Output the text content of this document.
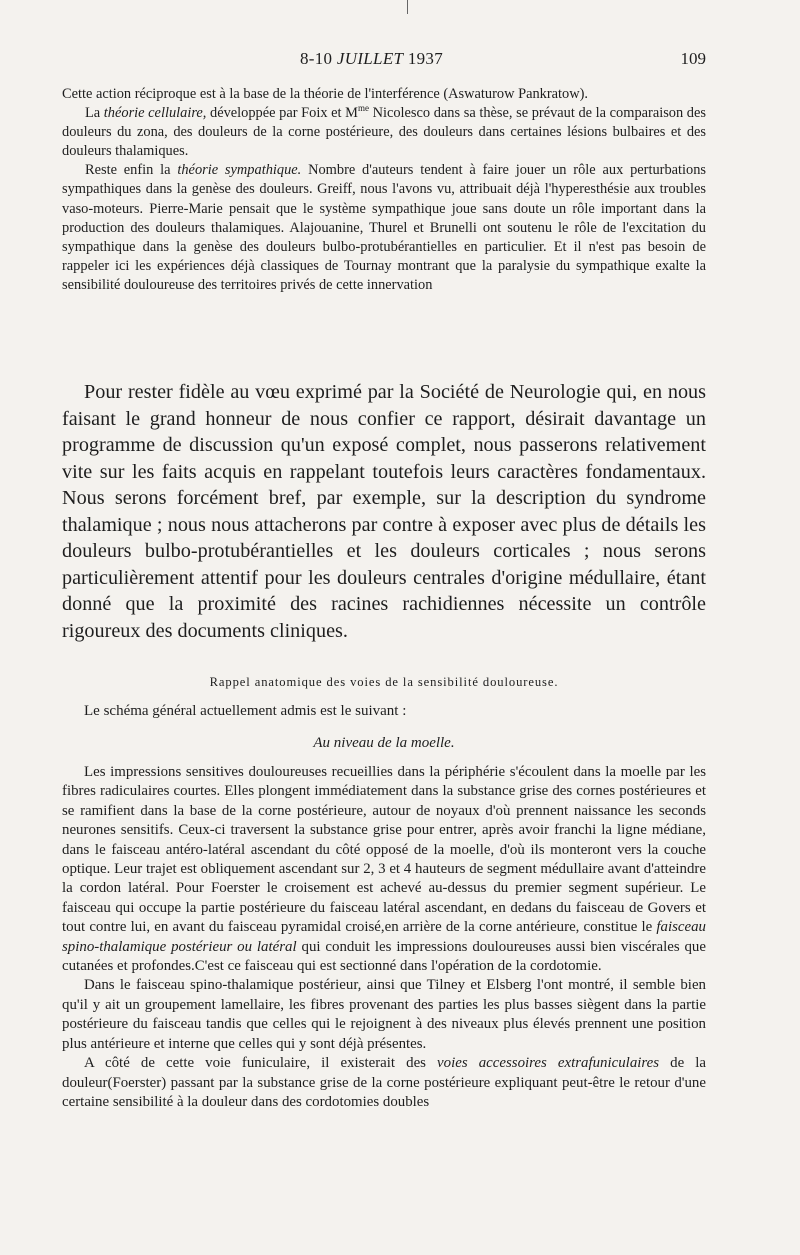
8-10 JUILLET 1937	109

Cette action réciproque est à la base de la théorie de l'interférence (Aswaturow Pankratow).

La théorie cellulaire, développée par Foix et $M^{me}$ Nicolesco dans sa thèse, se prévaut de la comparaison des douleurs du zona, des douleurs de la corne postérieure, des douleurs dans certaines lésions bulbaires et des douleurs thalamiques.

Reste enfin la théorie sympathique. Nombre d'auteurs tendent à faire jouer un rôle aux perturbations sympathiques dans la genèse des douleurs. Greiff, nous l'avons vu, attribuait déjà l'hyperesthésie aux troubles vaso-moteurs. Pierre-Marie pensait que le système sympathique joue sans doute un rôle important dans la production des douleurs thalamiques. Alajouanine, Thurel et Brunelli ont soutenu le rôle de l'excitation du sympathique dans la genèse des douleurs bulbo-protubérantielles en particulier. Et il n'est pas besoin de rappeler ici les expériences déjà classiques de Tournay montrant que la paralysie du sympathique exalte la sensibilité douloureuse des territoires privés de cette innervation

Pour rester fidèle au vœu exprimé par la Société de Neurologie qui, en nous faisant le grand honneur de nous confier ce rapport, désirait davantage un programme de discussion qu'un exposé complet, nous passerons relativement vite sur les faits acquis en rappelant toutefois leurs caractères fondamentaux. Nous serons forcément bref, par exemple, sur la description du syndrome thalamique ; nous nous attacherons par contre à exposer avec plus de détails les douleurs bulbo-protubérantielles et les douleurs corticales ; nous serons particulièrement attentif pour les douleurs centrales d'origine médullaire, étant donné que la proximité des racines rachidiennes nécessite un contrôle rigoureux des documents cliniques.
Rappel anatomique des voies de la sensibilité douloureuse.
Le schéma général actuellement admis est le suivant :
Au niveau de la moelle.

Les impressions sensitives douloureuses recueillies dans la périphérie s'écoulent dans la moelle par les fibres radiculaires courtes. Elles plongent immédiatement dans la substance grise des cornes postérieures et se ramifient dans la base de la corne postérieure, autour de noyaux d'où prennent naissance les seconds neurones sensitifs. Ceux-ci traversent la substance grise pour entrer, après avoir franchi la ligne médiane, dans le faisceau antéro-latéral ascendant du côté opposé de la moelle, d'où ils monteront vers la couche optique. Leur trajet est obliquement ascendant sur 2, 3 et 4 hauteurs de segment médullaire avant d'atteindre la cordon latéral. Pour Foerster le croisement est achevé au-dessus du premier segment supérieur. Le faisceau qui occupe la partie postérieure du faisceau latéral ascendant, en dedans du faisceau de Govers et tout contre lui, en avant du faisceau pyramidal croisé,en arrière de la corne antérieure, constitue le faisceau spino-thalamique postérieur ou latéral qui conduit les impressions douloureuses aussi bien viscérales que cutanées et profondes.C'est ce faisceau qui est sectionné dans l'opération de la cordotomie.

Dans le faisceau spino-thalamique postérieur, ainsi que Tilney et Elsberg l'ont montré, il semble bien qu'il y ait un groupement lamellaire, les fibres provenant des parties les plus basses siègent dans la partie postérieure du faisceau tandis que celles qui le rejoignent à des niveaux plus élevés prennent une position plus antérieure et interne que celles qui y sont déjà présentes.

A côté de cette voie funiculaire, il existerait des voies accessoires extrafuniculaires de la douleur(Foerster) passant par la substance grise de la corne postérieure expliquant peut-être le retour d'une certaine sensibilité à la douleur dans des cordotomies doubles
